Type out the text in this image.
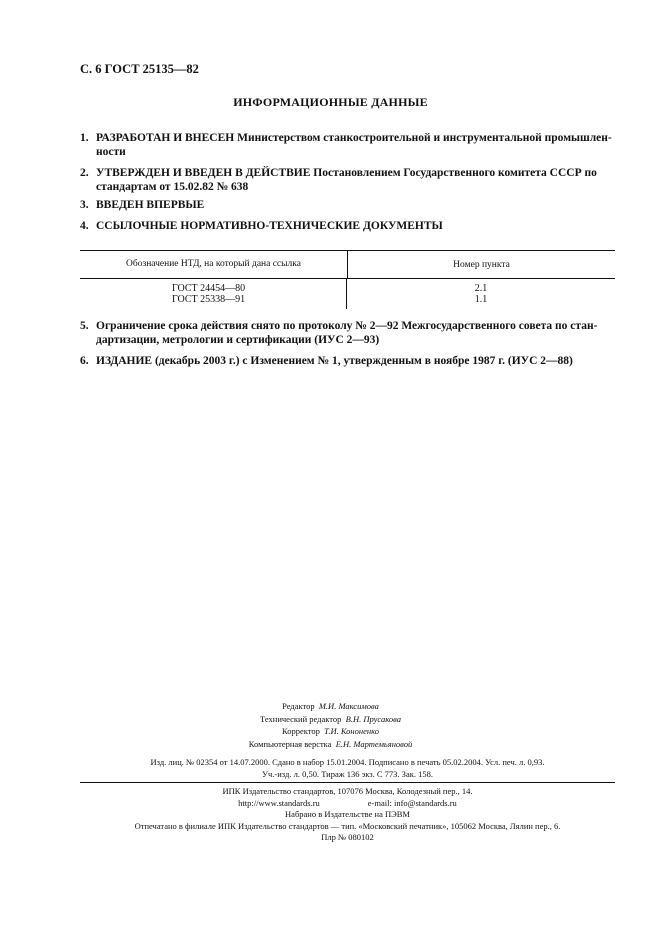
С. 6 ГОСТ 25135—82
ИНФОРМАЦИОННЫЕ ДАННЫЕ
1. РАЗРАБОТАН И ВНЕСЕН Министерством станкостроительной и инструментальной промышлен-
ности
2. УТВЕРЖДЕН И ВВЕДЕН В ДЕЙСТВИЕ Постановлением Государственного комитета СССР по
стандартам от 15.02.82 № 638
3. ВВЕДЕН ВПЕРВЫЕ
4. ССЫЛОЧНЫЕ НОРМАТИВНО-ТЕХНИЧЕСКИЕ ДОКУМЕНТЫ
Обозначение НТД, на который дана ссылка	Номер пункта
ГОСТ 24454—80
ГОСТ 25338—91
2.1
1.1
5. Ограничение срока действия снято по протоколу № 2—92 Межгосударственного совета по стан-
дартизации, метрологии и сертификации (ИУС 2—93)
6. ИЗДАНИЕ (декабрь 2003 г.) с Изменением № 1, утвержденным в ноябре 1987 г. (ИУС 2—88)
Редактор М.И. Максимова
Технический редактор В.Н. Прусакова
Корректор Т.И. Кононенко
Компьютерная верстка Е.Н. Мартемьяновой
Изд. лиц. № 02354 от 14.07.2000. Сдано в набор 15.01.2004. Подписано в печать 05.02.2004. Усл. печ. л. 0,93.
Уч.-изд. л. 0,50. Тираж 136 экз. С 773. Зак. 158.
ИПК Издательство стандартов, 107076 Москва, Колодезный пер., 14.
http://www.standards.ru	e-mail: info@standards.ru
Набрано в Издательстве на ПЭВМ
Отпечатано в филиале ИПК Издательство стандартов — тип. «Московский печатник», 105062 Москва, Лялин пер., 6.
Плр № 080102
